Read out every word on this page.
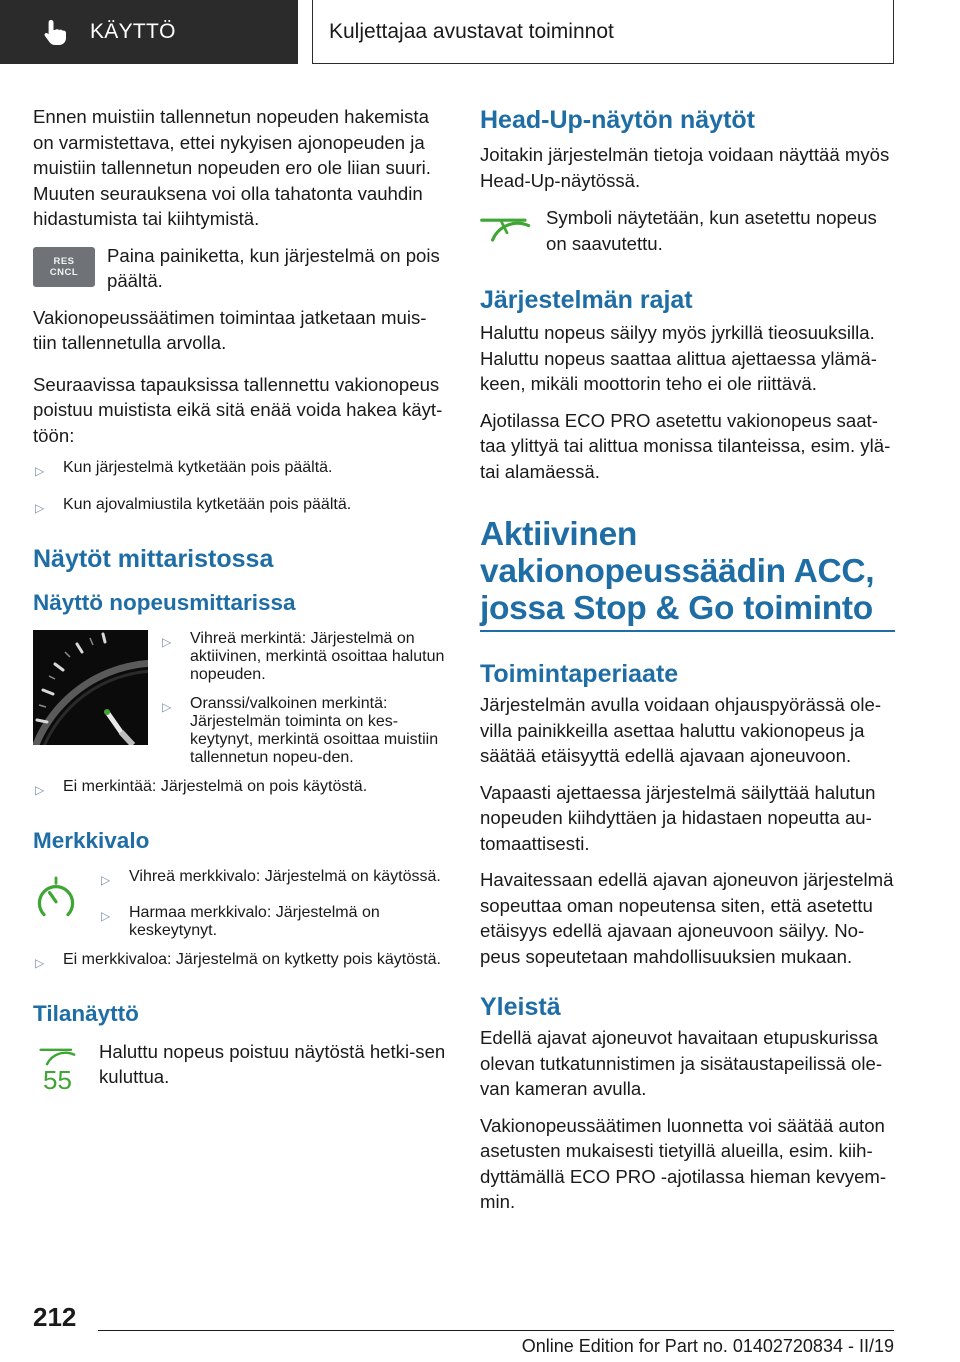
KÄYTTÖ	Kuljettajaa avustavat toiminnot

Ennen muistiin tallennetun nopeuden hakemista on varmistettava, ettei nykyisen ajonopeuden ja muistiin tallennetun nopeuden ero ole liian suuri. Muuten seurauksena voi olla tahatonta vauhdin hidastumista tai kiihtymistä.

RES
CNCL

Paina painiketta, kun järjestelmä on pois päältä.

Vakionopeussäätimen toimintaa jatketaan muis-tiin tallennetulla arvolla.

Seuraavissa tapauksissa tallennettu vakionopeus poistuu muistista eikä sitä enää voida hakea käyt-töön:

▷	Kun järjestelmä kytketään pois päältä.
▷	Kun ajovalmiustila kytketään pois päältä.
Näytöt mittaristossa
Näyttö nopeusmittarissa
▷	Vihreä merkintä: Järjestelmä on aktiivinen, merkintä osoittaa halutun nopeuden.
▷	Oranssi/valkoinen merkintä: Järjestelmän toiminta on kes-keytynyt, merkintä osoittaa muistiin tallennetun nopeu-den.
▷	Ei merkintää: Järjestelmä on pois käytöstä.
Merkkivalo
▷	Vihreä merkkivalo: Järjestelmä on käytössä.
▷	Harmaa merkkivalo: Järjestelmä on keskeytynyt.
▷	Ei merkkivaloa: Järjestelmä on kytketty pois käytöstä.
Tilanäyttö
55

Haluttu nopeus poistuu näytöstä hetki-sen kuluttua.

Head-Up-näytön näytöt

Joitakin järjestelmän tietoja voidaan näyttää myös Head-Up-näytössä.

Symboli näytetään, kun asetettu nopeus on saavutettu.

Järjestelmän rajat

Haluttu nopeus säilyy myös jyrkillä tieosuuksilla. Haluttu nopeus saattaa alittua ajettaessa ylämä-keen, mikäli moottorin teho ei ole riittävä.

Ajotilassa ECO PRO asetettu vakionopeus saat-taa ylittyä tai alittua monissa tilanteissa, esim. ylä- tai alamäessä.

Aktiivinen vakionopeussäädin ACC, jossa Stop & Go toiminto
Toimintaperiaate

Järjestelmän avulla voidaan ohjauspyörässä ole-villa painikkeilla asettaa haluttu vakionopeus ja säätää etäisyyttä edellä ajavaan ajoneuvoon.

Vapaasti ajettaessa järjestelmä säilyttää halutun nopeuden kiihdyttäen ja hidastaen nopeutta au-tomaattisesti.

Havaitessaan edellä ajavan ajoneuvon järjestelmä sopeuttaa oman nopeutensa siten, että asetettu etäisyys edellä ajavaan ajoneuvoon säilyy. No-peus sopeutetaan mahdollisuuksien mukaan.

Yleistä

Edellä ajavat ajoneuvot havaitaan etupuskurissa olevan tutkatunnistimen ja sisätaustapeilissä ole-van kameran avulla.

Vakionopeussäätimen luonnetta voi säätää auton asetusten mukaisesti tietyillä alueilla, esim. kiih-dyttämällä ECO PRO -ajotilassa hieman kevyem-min.

212
Online Edition for Part no. 01402720834 - II/19
